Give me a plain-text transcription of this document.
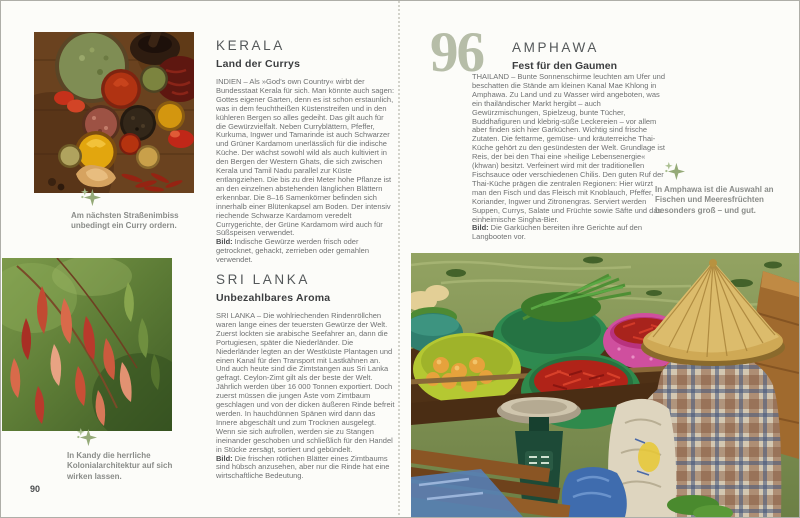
KERALA
Land der Currys

INDIEN – Als »God's own Country« wirbt der Bundesstaat Kerala für sich. Man könnte auch sagen: Gottes eigener Garten, denn es ist schon erstaunlich, was in dem feuchtheißen Küstenstreifen und in den kühleren Bergen so alles gedeiht. Das gilt auch für die Gewürzvielfalt. Neben Curryblättern, Pfeffer, Kurkuma, Ingwer und Tamarinde ist auch Schwarzer und Grüner Kardamom unerlässlich für die indische Küche. Der wächst sowohl wild als auch kultiviert in den Bergen der Western Ghats, die sich zwischen Kerala und Tamil Nadu parallel zur Küste entlangziehen. Die bis zu drei Meter hohe Pflanze ist an den einzelnen abstehenden länglichen Blättern erkennbar. Die 8–16 Samenkörner befinden sich innerhalb einer Blütenkapsel am Boden. Der intensiv riechende Schwarze Kardamom veredelt Currygerichte, der Grüne Kardamom wird auch für Süßspeisen verwendet.

Bild: Indische Gewürze werden frisch oder getrocknet, gehackt, zerrieben oder gemahlen verwendet.

Am nächsten Straßenimbiss unbedingt ein Curry ordern.
SRI LANKA
Unbezahlbares Aroma

SRI LANKA – Die wohlriechenden Rindenröllchen waren lange eines der teuersten Gewürze der Welt. Zuerst lockten sie arabische Seefahrer an, dann die Portugiesen, später die Niederländer. Die Niederländer legten an der Westküste Plantagen und einen Kanal für den Transport mit Lastkähnen an. Und auch heute sind die Zimtstangen aus Sri Lanka gefragt. Ceylon-Zimt gilt als der beste der Welt. Jährlich werden über 16 000 Tonnen exportiert. Doch zuerst müssen die jungen Äste vom Zimtbaum geschlagen und von der dicken äußeren Rinde befreit werden. In hauchdünnen Spänen wird dann das Innere abgeschält und zum Trocknen ausgelegt. Wenn sie sich aufrollen, werden sie zu Stangen ineinander geschoben und schließlich für den Handel in Stücke zersägt, sortiert und gebündelt.

Bild: Die frischen rötlichen Blätter eines Zimtbaums sind hübsch anzusehen, aber nur die Rinde hat eine wirtschaftliche Bedeutung.

In Kandy die herrliche Kolonialarchitektur auf sich wirken lassen.
90
96 AMPHAWA
Fest für den Gaumen

THAILAND – Bunte Sonnenschirme leuchten am Ufer und beschatten die Stände am kleinen Kanal Mae Khlong in Amphawa. Zu Land und zu Wasser wird angeboten, was ein thailändischer Markt hergibt – auch Gewürzmischungen, Spielzeug, bunte Tücher, Buddhafiguren und klebrig-süße Leckereien – vor allem aber finden sich hier Garküchen. Wichtig sind frische Zutaten. Die fettarme, gemüse- und kräuterreiche Thai-Küche gehört zu den gesündesten der Welt. Grundlage ist Reis, der bei den Thai eine »heilige Lebensenergie« (khwan) besitzt. Verfeinert wird mit der traditionellen Fischsauce oder verschiedenen Chilis. Den guten Ruf der Thai-Küche prägen die zentralen Regionen: Hier würzt man den Fisch und das Fleisch mit Knoblauch, Pfeffer, Koriander, Ingwer und Zitronengras. Serviert werden Suppen, Currys, Salate und Früchte sowie Säfte und das einheimische Singha-Bier.

Bild: Die Garküchen bereiten ihre Gerichte auf den Langbooten vor.

In Amphawa ist die Auswahl an Fischen und Meeresfrüchten besonders groß – und gut.
